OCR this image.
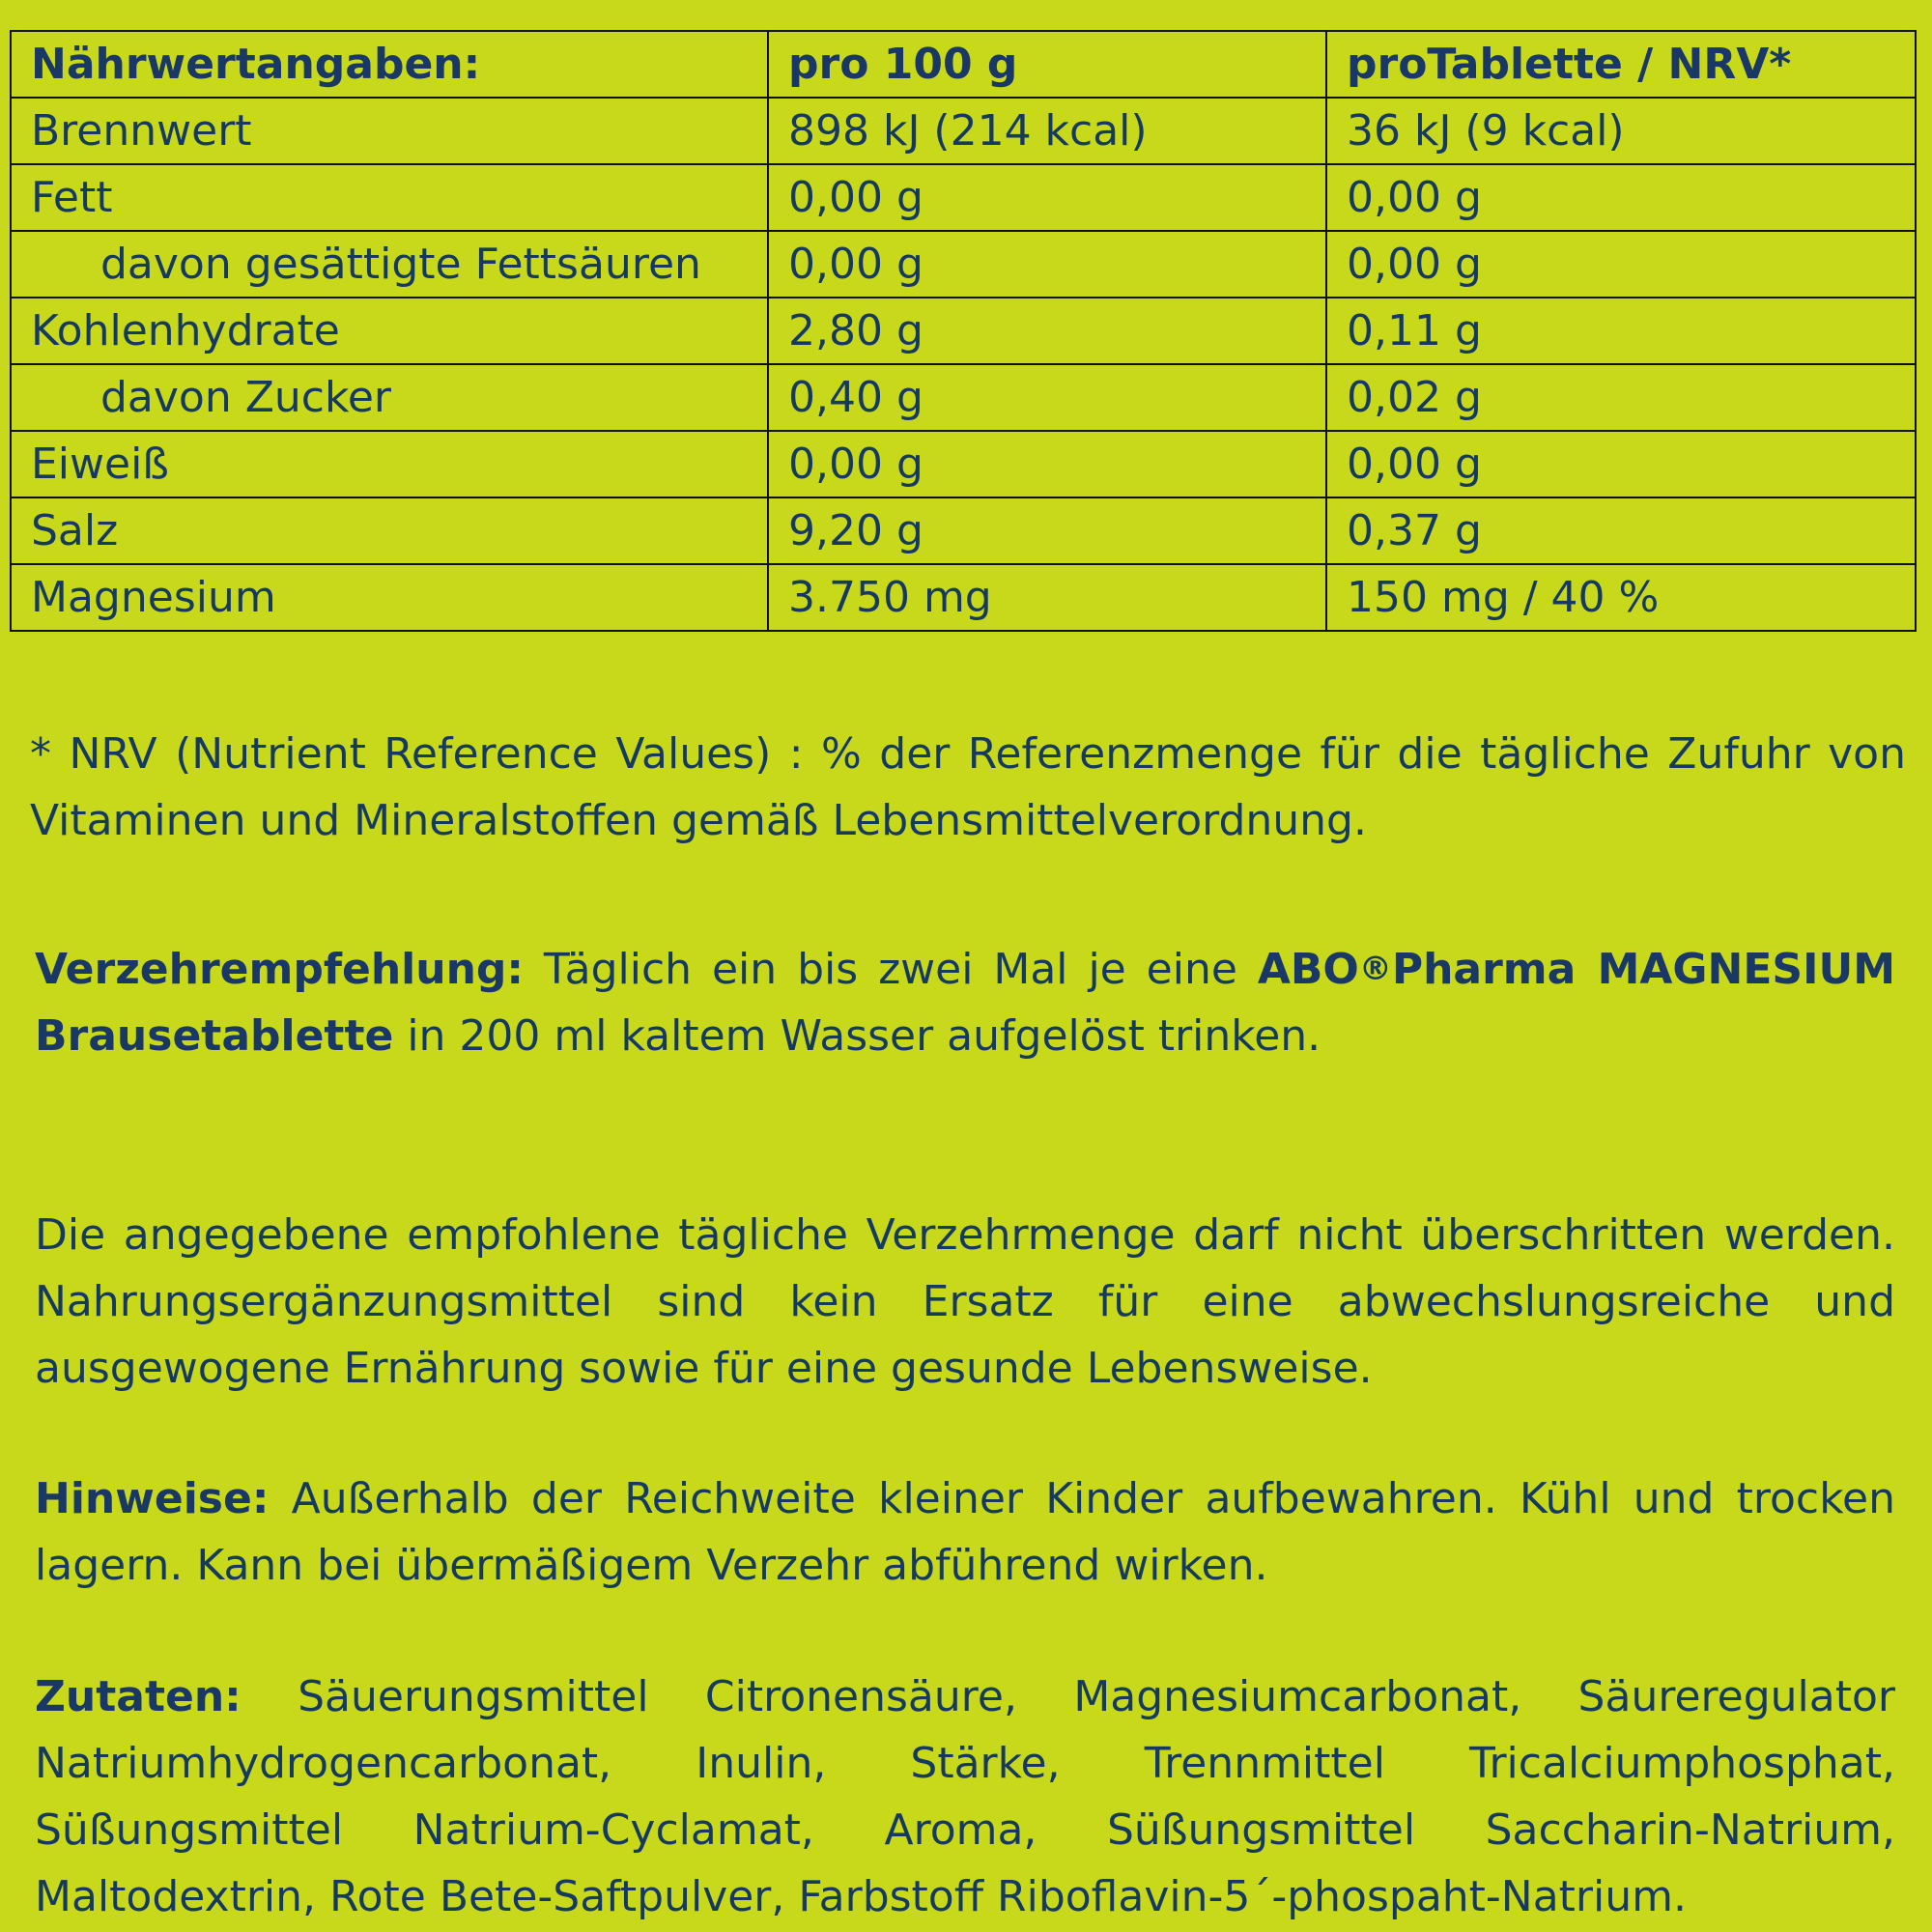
Nährwertangaben:	pro 100 g	proTablette / NRV*
Brennwert	898 kJ (214 kcal)	36 kJ (9 kcal)
Fett	0,00 g	0,00 g
davon gesättigte Fettsäuren	0,00 g	0,00 g
Kohlenhydrate	2,80 g	0,11 g
davon Zucker	0,40 g	0,02 g
Eiweiß	0,00 g	0,00 g
Salz	9,20 g	0,37 g
Magnesium	3.750 mg	150 mg / 40 %

* NRV (Nutrient Reference Values) : % der Referenzmenge für die tägliche Zufuhr von Vitaminen und Mineralstoffen gemäß Lebensmittelverordnung.

Verzehrempfehlung: Täglich ein bis zwei Mal je eine ABO®Pharma MAGNESIUM Brausetablette in 200 ml kaltem Wasser aufgelöst trinken.

Die angegebene empfohlene tägliche Verzehrmenge darf nicht überschritten werden. Nahrungsergänzungsmittel sind kein Ersatz für eine abwechslungsreiche und ausgewogene Ernährung sowie für eine gesunde Lebensweise.

Hinweise: Außerhalb der Reichweite kleiner Kinder aufbewahren. Kühl und trocken lagern. Kann bei übermäßigem Verzehr abführend wirken.

Zutaten: Säuerungsmittel Citronensäure, Magnesiumcarbonat, Säureregulator
Natriumhydrogencarbonat, Inulin, Stärke, Trennmittel Tricalciumphosphat,
Süßungsmittel Natrium-Cyclamat, Aroma, Süßungsmittel Saccharin-Natrium,
Maltodextrin, Rote Bete-Saftpulver, Farbstoff Riboflavin-5´-phospaht-Natrium.
